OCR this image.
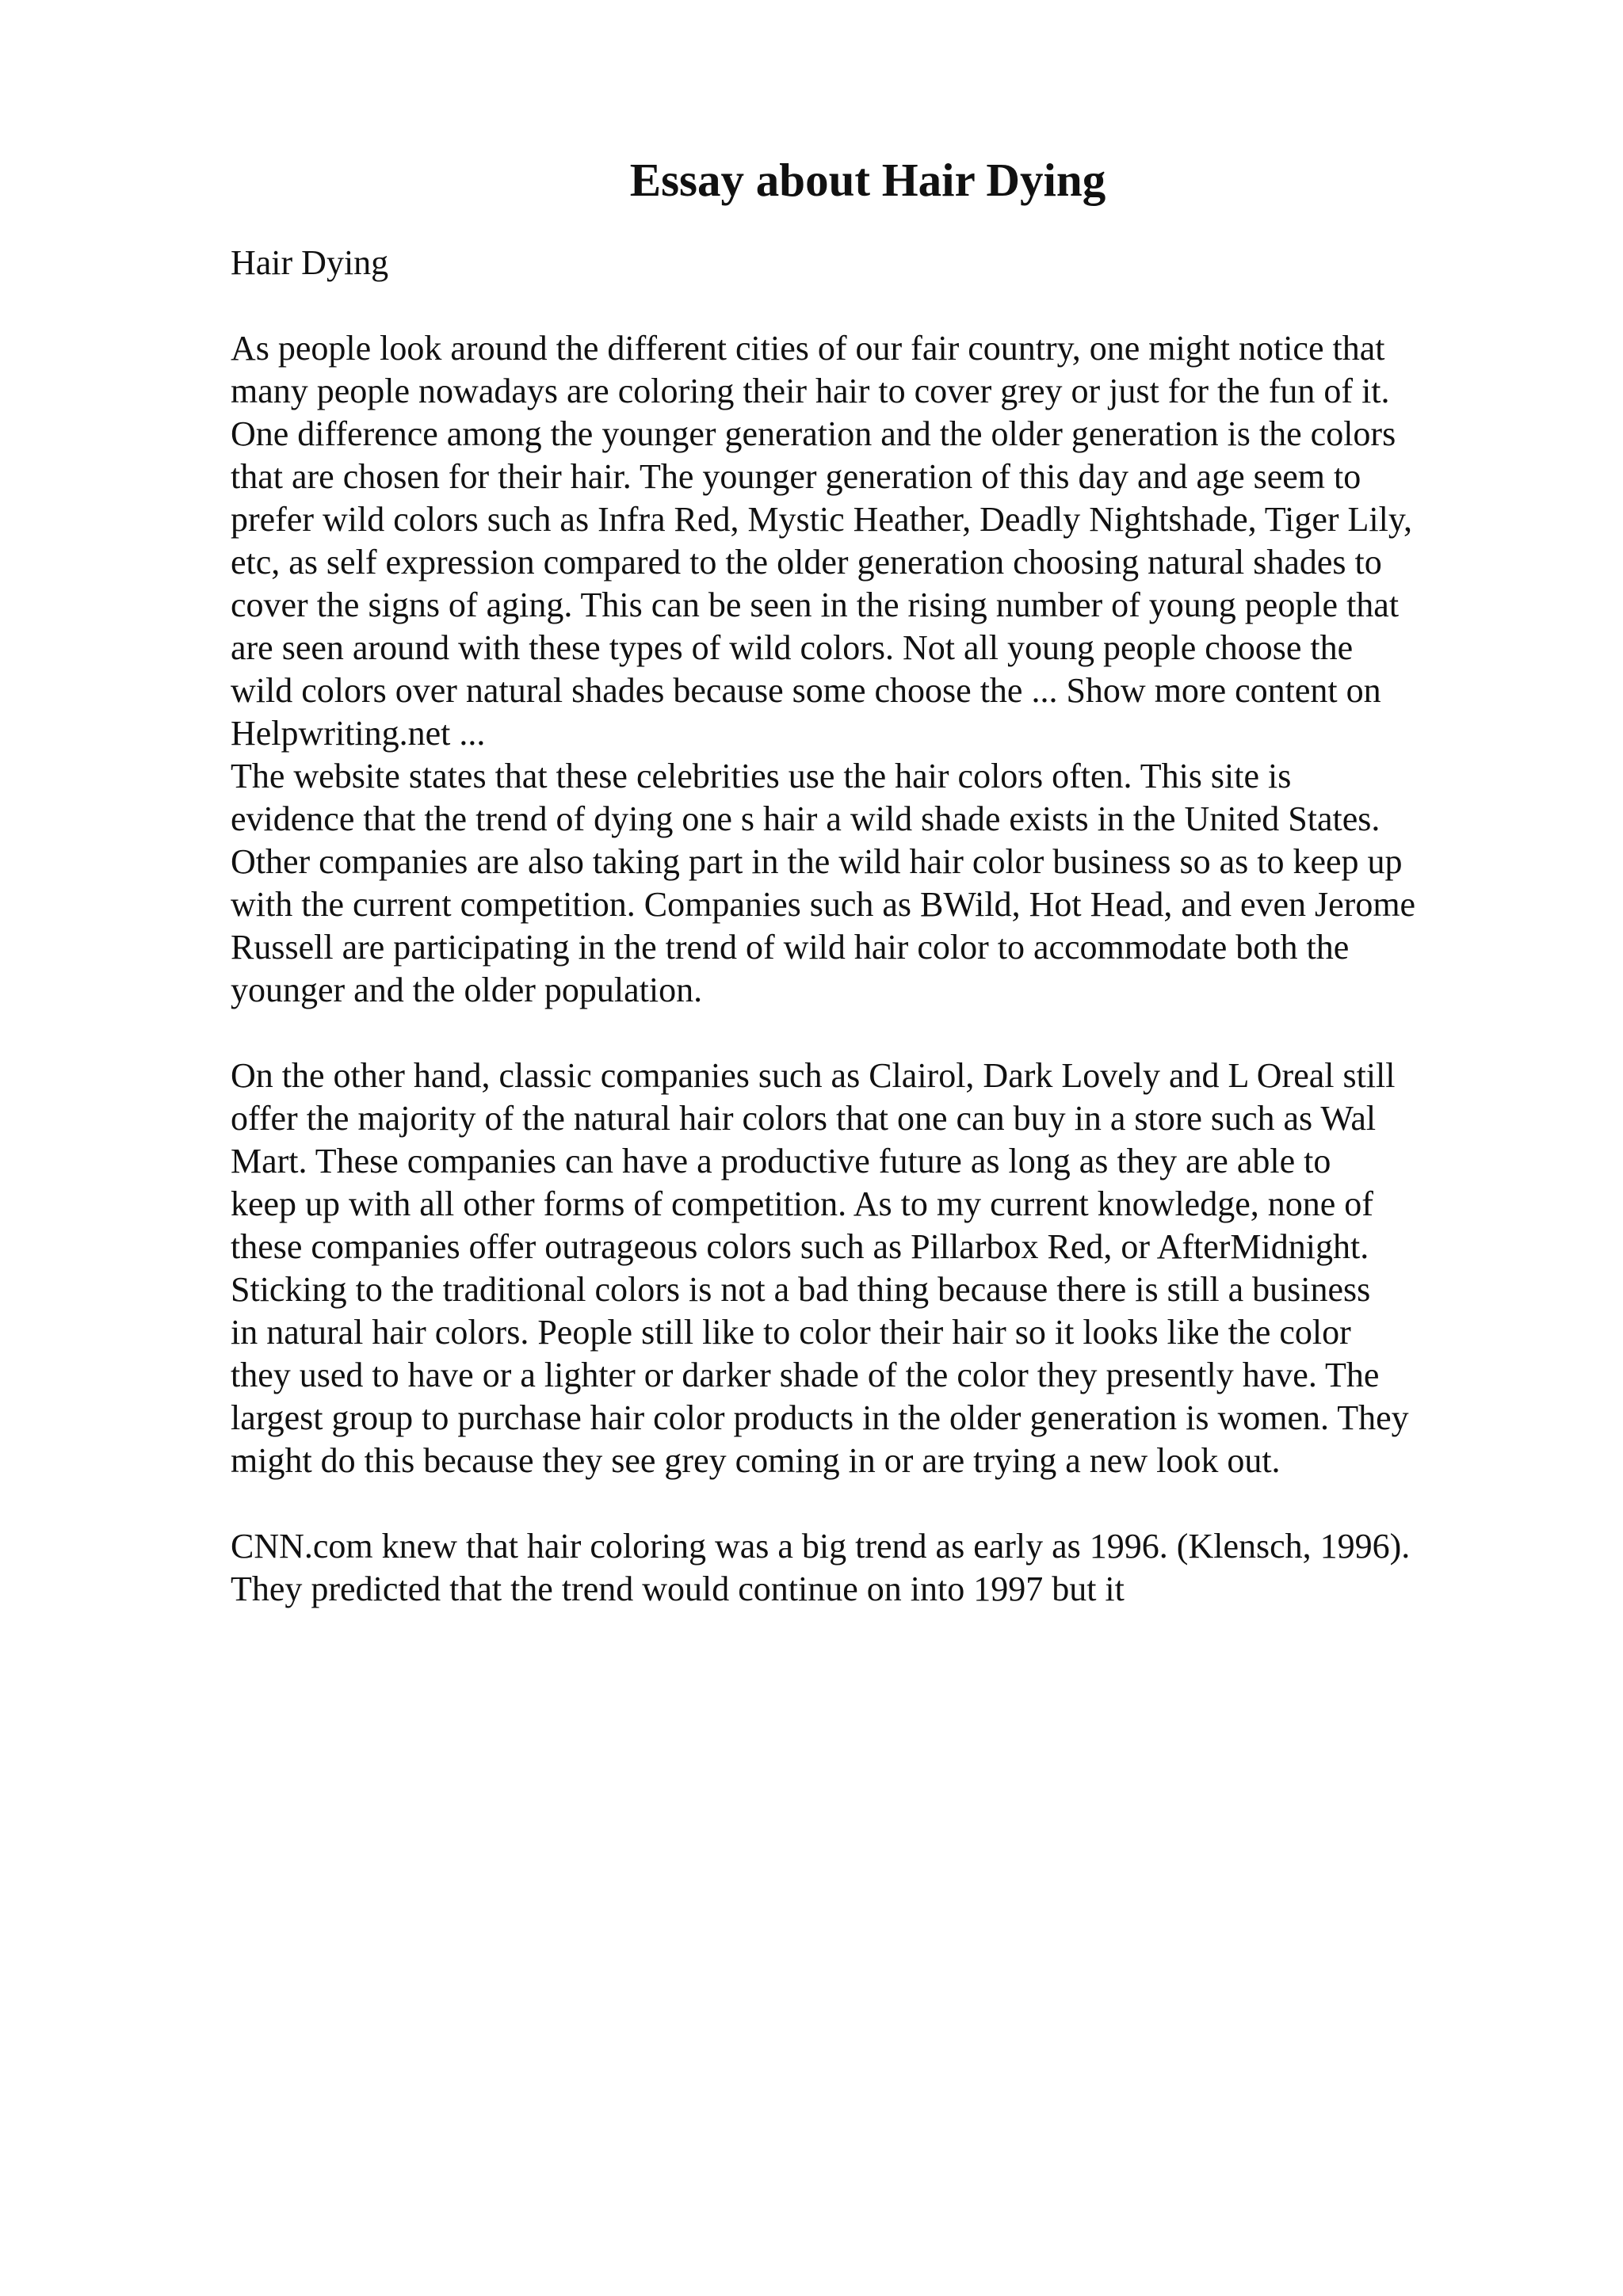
Essay about Hair Dying

Hair Dying

As people look around the different cities of our fair country, one might notice that
many people nowadays are coloring their hair to cover grey or just for the fun of it.
One difference among the younger generation and the older generation is the colors
that are chosen for their hair. The younger generation of this day and age seem to
prefer wild colors such as Infra Red, Mystic Heather, Deadly Nightshade, Tiger Lily,
etc, as self expression compared to the older generation choosing natural shades to
cover the signs of aging. This can be seen in the rising number of young people that
are seen around with these types of wild colors. Not all young people choose the
wild colors over natural shades because some choose the ... Show more content on
Helpwriting.net ...

The website states that these celebrities use the hair colors often. This site is
evidence that the trend of dying one s hair a wild shade exists in the United States.
Other companies are also taking part in the wild hair color business so as to keep up
with the current competition. Companies such as BWild, Hot Head, and even Jerome
Russell are participating in the trend of wild hair color to accommodate both the
younger and the older population.

On the other hand, classic companies such as Clairol, Dark Lovely and L Oreal still
offer the majority of the natural hair colors that one can buy in a store such as Wal
Mart. These companies can have a productive future as long as they are able to
keep up with all other forms of competition. As to my current knowledge, none of
these companies offer outrageous colors such as Pillarbox Red, or AfterMidnight.
Sticking to the traditional colors is not a bad thing because there is still a business
in natural hair colors. People still like to color their hair so it looks like the color
they used to have or a lighter or darker shade of the color they presently have. The
largest group to purchase hair color products in the older generation is women. They
might do this because they see grey coming in or are trying a new look out.

CNN.com knew that hair coloring was a big trend as early as 1996. (Klensch, 1996).
They predicted that the trend would continue on into 1997 but it
